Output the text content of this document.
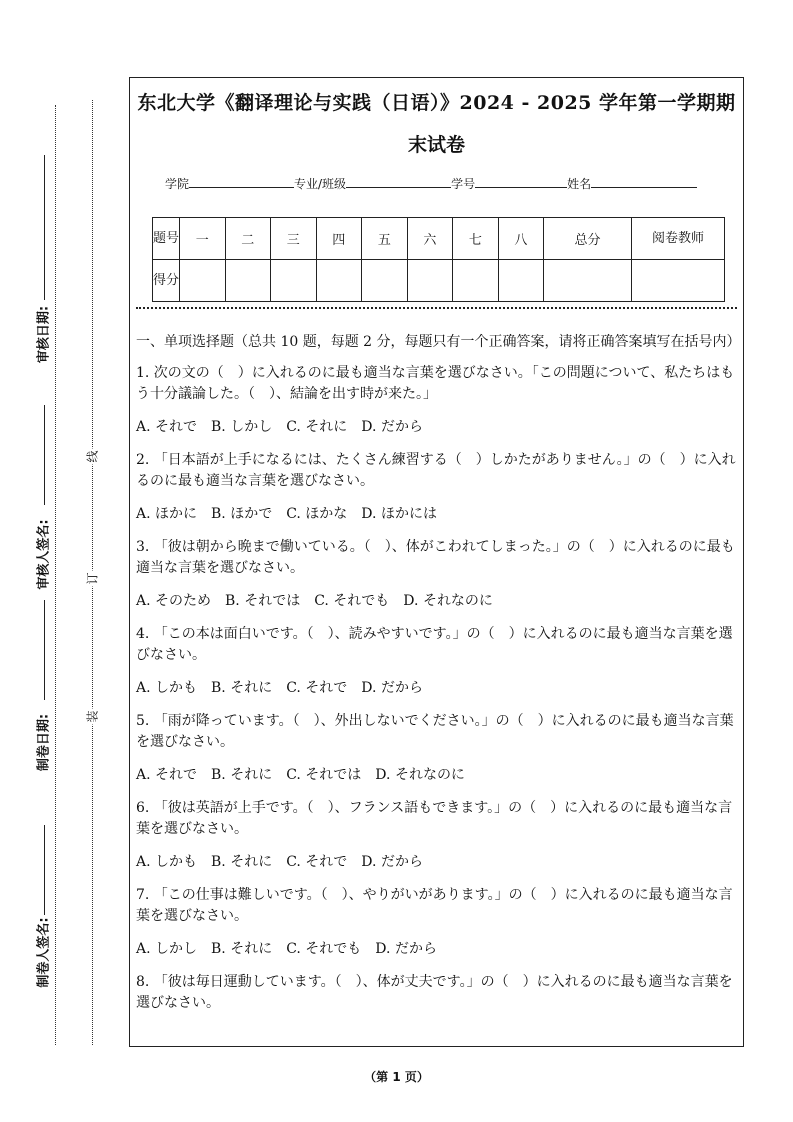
审核日期:
审核人签名:
制卷日期:
制卷人签名:
线
订
装
东北大学《翻译理论与实践（日语）》2024 - 2025 学年第一学期期
末试卷
学院	专业/班级	学号	姓名
题号	一	二	三	四	五	六	七	八	总分	阅卷教师
得分										

一、单项选择题（总共 10 题，每题 2 分，每题只有一个正确答案，请将正确答案填写在括号内）

1. 次の文の（　）に入れるのに最も適当な言葉を選びなさい。「この問題について、私たちはもう十分議論した。（　）、結論を出す時が来た。」

A. それで　B. しかし　C. それに　D. だから

2. 「日本語が上手になるには、たくさん練習する（　）しかたがありません。」の（　）に入れるのに最も適当な言葉を選びなさい。

A. ほかに　B. ほかで　C. ほかな　D. ほかには

3. 「彼は朝から晩まで働いている。（　）、体がこわれてしまった。」の（　）に入れるのに最も適当な言葉を選びなさい。

A. そのため　B. それでは　C. それでも　D. それなのに

4. 「この本は面白いです。（　）、読みやすいです。」の（　）に入れるのに最も適当な言葉を選びなさい。

A. しかも　B. それに　C. それで　D. だから

5. 「雨が降っています。（　）、外出しないでください。」の（　）に入れるのに最も適当な言葉を選びなさい。

A. それで　B. それに　C. それでは　D. それなのに

6. 「彼は英語が上手です。（　）、フランス語もできます。」の（　）に入れるのに最も適当な言葉を選びなさい。

A. しかも　B. それに　C. それで　D. だから

7. 「この仕事は難しいです。（　）、やりがいがあります。」の（　）に入れるのに最も適当な言葉を選びなさい。

A. しかし　B. それに　C. それでも　D. だから

8. 「彼は毎日運動しています。（　）、体が丈夫です。」の（　）に入れるのに最も適当な言葉を選びなさい。

（第 1 页）
